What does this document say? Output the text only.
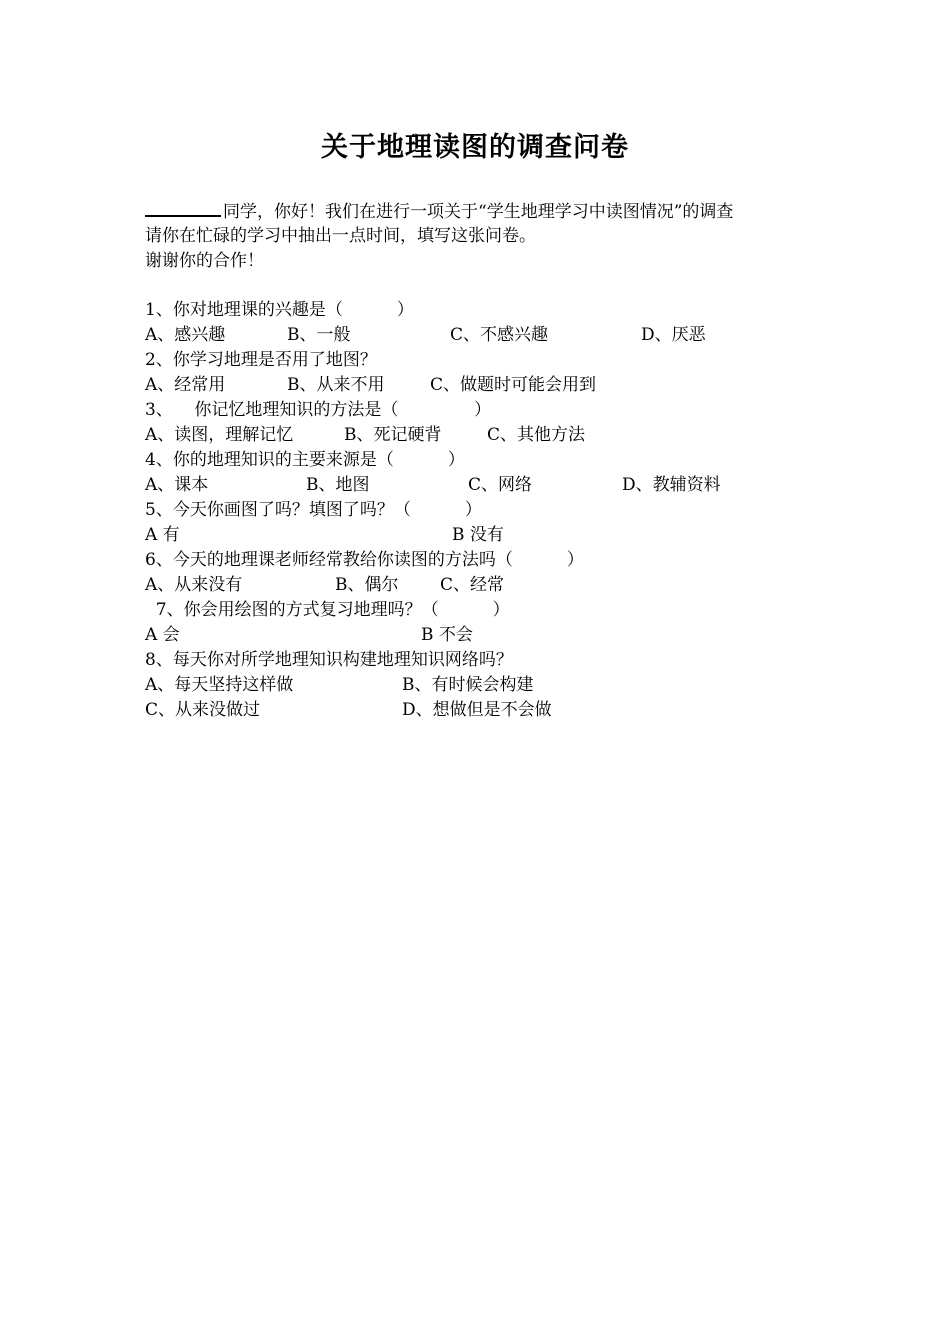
关于地理读图的调查问卷

同学，你好！我们在进行一项关于“学生地理学习中读图情况”的调查

请你在忙碌的学习中抽出一点时间，填写这张问卷。

谢谢你的合作！

1、你对地理课的兴趣是（          ）

A、感兴趣	B、一般	C、不感兴趣	D、厌恶

2、你学习地理是否用了地图？

A、经常用	B、从来不用	C、做题时可能会用到

3、    你记忆地理知识的方法是（              ）

A、读图，理解记忆	B、死记硬背	C、其他方法

4、你的地理知识的主要来源是（          ）

A、课本	B、地图	C、网络	D、教辅资料

5、今天你画图了吗？填图了吗？（          ）

A 有	B 没有

6、今天的地理课老师经常教给你读图的方法吗（          ）

A、从来没有	B、偶尔 C、经常

7、你会用绘图的方式复习地理吗？（          ）

A 会	B 不会

8、每天你对所学地理知识构建地理知识网络吗？

A、每天坚持这样做	B、有时候会构建
C、从来没做过	D、想做但是不会做
